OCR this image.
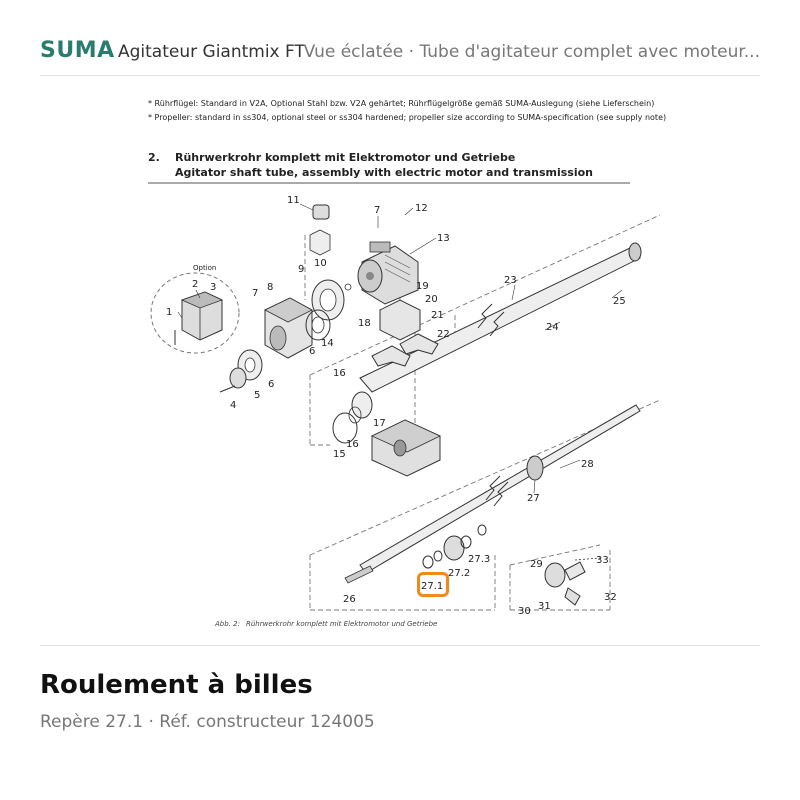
SUMA Agitateur Giantmix FT
Vue éclatée · Tube d'agitateur complet avec moteur...
* Rührflügel: Standard in V2A, Optional Stahl bzw. V2A gehärtet; Rührflügelgröße gemäß SUMA-Auslegung (siehe Lieferschein)
* Propeller: standard in ss304, optional steel or ss304 hardened; propeller size according to SUMA-specification (see supply note)
2. Rührwerkrohr komplett mit Elektromotor und Getriebe
Agitator shaft tube, assembly with electric motor and transmission
Option
1
2 3
4
5
6
6
7
7
8
9
10
11
12
13
14
15
16
16
17
18
19
20
21
22
23
24
25
26
27
27.1
27.2
27.3
28
29
30 31
32
33
Abb. 2: Rührwerkrohr komplett mit Elektromotor und Getriebe
Roulement à billes
Repère 27.1 · Réf. constructeur 124005
